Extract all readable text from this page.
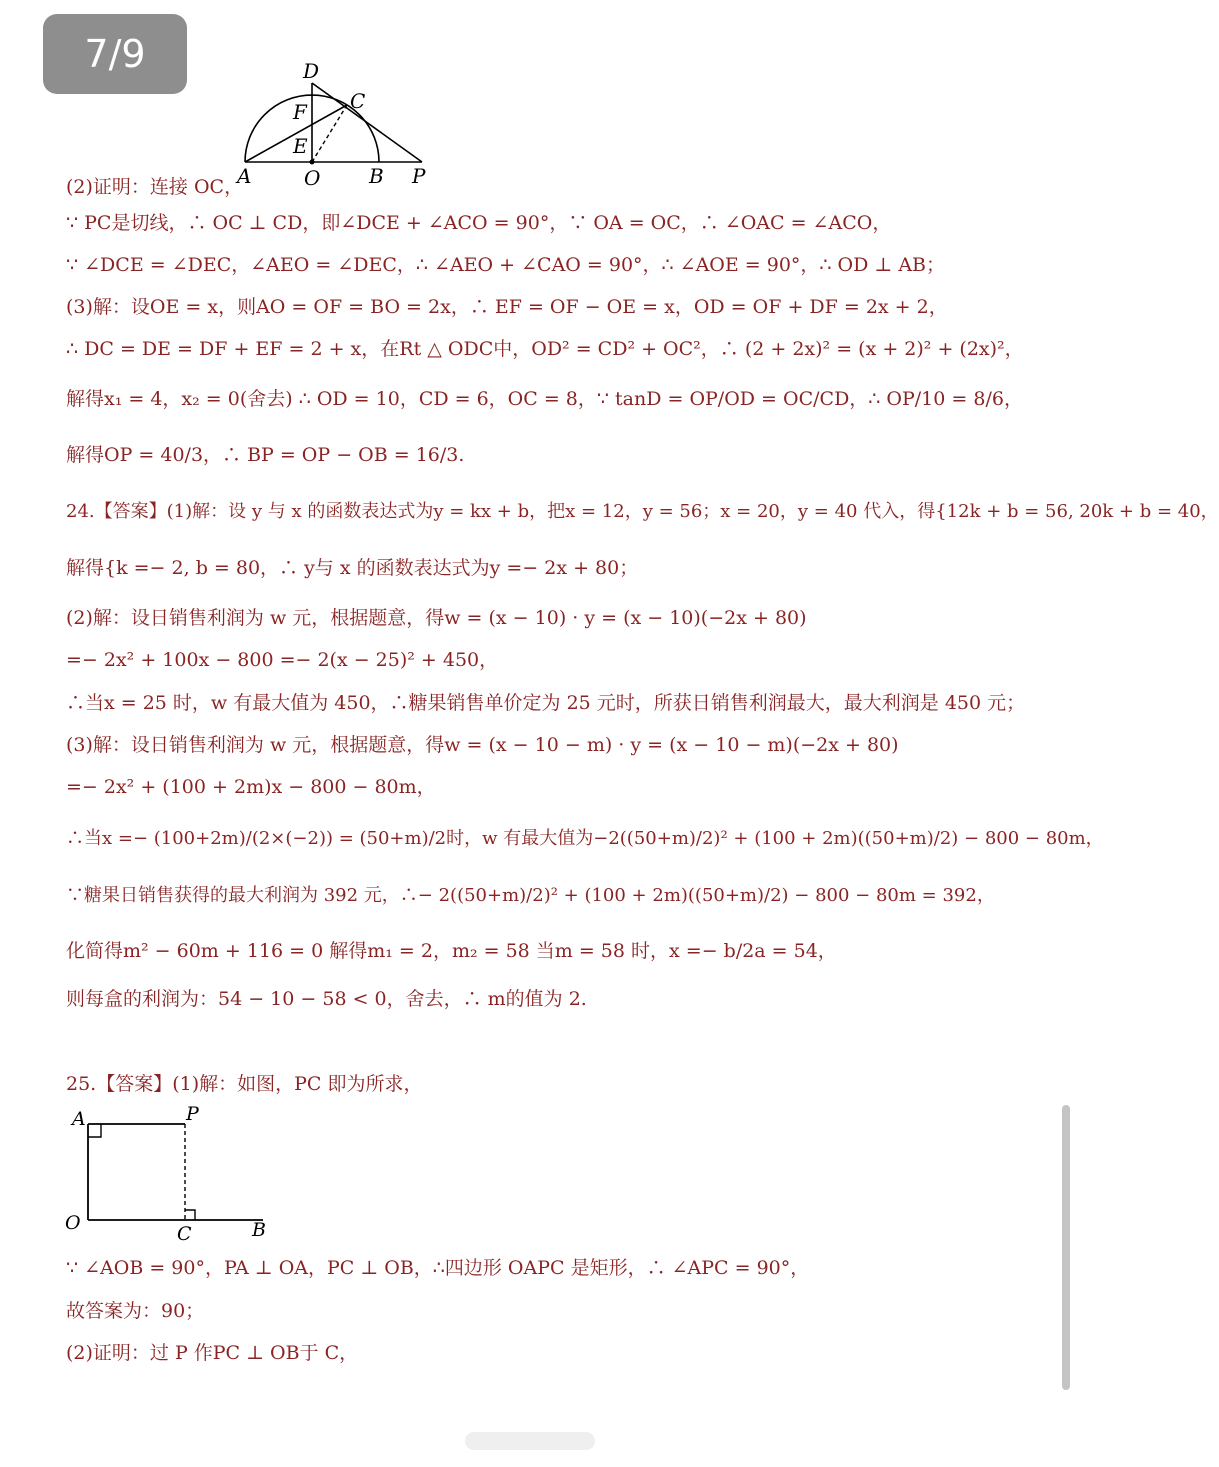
7/9	D
C
F
E
A	O B P
(2)证明：连接 OC，
∵ PC是切线，∴ OC ⊥ CD，即∠DCE + ∠ACO = 90°，∵ OA = OC，∴ ∠OAC = ∠ACO，
∵ ∠DCE = ∠DEC，∠AEO = ∠DEC，∴ ∠AEO + ∠CAO = 90°，∴ ∠AOE = 90°，∴ OD ⊥ AB；
(3)解：设OE = x，则AO = OF = BO = 2x，∴ EF = OF − OE = x，OD = OF + DF = 2x + 2，
∴ DC = DE = DF + EF = 2 + x，在Rt △ ODC中，OD² = CD² + OC²，∴ (2 + 2x)² = (x + 2)² + (2x)²，
解得x₁ = 4，x₂ = 0(舍去) ∴ OD = 10，CD = 6，OC = 8，∵ tanD = OP/OD = OC/CD，∴ OP/10 = 8/6，
解得OP = 40/3，∴ BP = OP − OB = 16/3.
24.【答案】(1)解：设 y 与 x 的函数表达式为y = kx + b，把x = 12，y = 56；x = 20，y = 40 代入，得{12k + b = 56, 20k + b = 40，
解得{k =− 2, b = 80，∴ y与 x 的函数表达式为y =− 2x + 80；
(2)解：设日销售利润为 w 元，根据题意，得w = (x − 10) · y = (x − 10)(−2x + 80)
=− 2x² + 100x − 800 =− 2(x − 25)² + 450，
∴当x = 25 时，w 有最大值为 450，∴糖果销售单价定为 25 元时，所获日销售利润最大，最大利润是 450 元；
(3)解：设日销售利润为 w 元，根据题意，得w = (x − 10 − m) · y = (x − 10 − m)(−2x + 80)
=− 2x² + (100 + 2m)x − 800 − 80m，
∴当x =− (100+2m)/(2×(−2)) = (50+m)/2时，w 有最大值为−2((50+m)/2)² + (100 + 2m)((50+m)/2) − 800 − 80m，
∵糖果日销售获得的最大利润为 392 元，∴− 2((50+m)/2)² + (100 + 2m)((50+m)/2) − 800 − 80m = 392，
化简得m² − 60m + 116 = 0 解得m₁ = 2，m₂ = 58 当m = 58 时，x =− b/2a = 54，
则每盒的利润为：54 − 10 − 58 < 0，舍去，∴ m的值为 2.
25.【答案】(1)解：如图，PC 即为所求，
A	P
O	C	B
∵ ∠AOB = 90°，PA ⊥ OA，PC ⊥ OB，∴四边形 OAPC 是矩形，∴ ∠APC = 90°，
故答案为：90；
(2)证明：过 P 作PC ⊥ OB于 C，
